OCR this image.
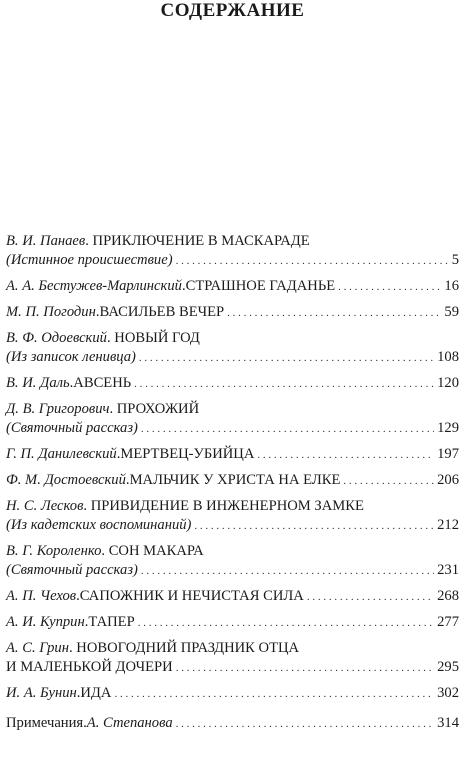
СОДЕРЖАНИЕ
В. И. Панаев. ПРИКЛЮЧЕНИЕ В МАСКАРАДЕ
(Истинное происшествие) . . .	5
А. А. Бестужев-Марлинский . СТРАШНОЕ ГАДАНЬЕ . . .	16
М. П. Погодин . ВАСИЛЬЕВ ВЕЧЕР . . .	59
В. Ф. Одоевский. НОВЫЙ ГОД
(Из записок ленивца) . . .	108
В. И. Даль . АВСЕНЬ . . .	120
Д. В. Григорович. ПРОХОЖИЙ
(Святочный рассказ) . . .	129
Г. П. Данилевский . МЕРТВЕЦ-УБИЙЦА . . .	197
Ф. М. Достоевский . МАЛЬЧИК У ХРИСТА НА ЕЛКЕ . . .	206
Н. С. Лесков. ПРИВИДЕНИЕ В ИНЖЕНЕРНОМ ЗАМКЕ
(Из кадетских воспоминаний) . . .	212
В. Г. Короленко. СОН МАКАРА
(Святочный рассказ) . . .	231
А. П. Чехов . САПОЖНИК И НЕЧИСТАЯ СИЛА . . .	268
А. И. Куприн . ТАПЕР . . .	277
А. С. Грин. НОВОГОДНИЙ ПРАЗДНИК ОТЦА
И МАЛЕНЬКОЙ ДОЧЕРИ . . .	295
И. А. Бунин . ИДА . . .	302
Примечания. А. Степанова . . .	314
